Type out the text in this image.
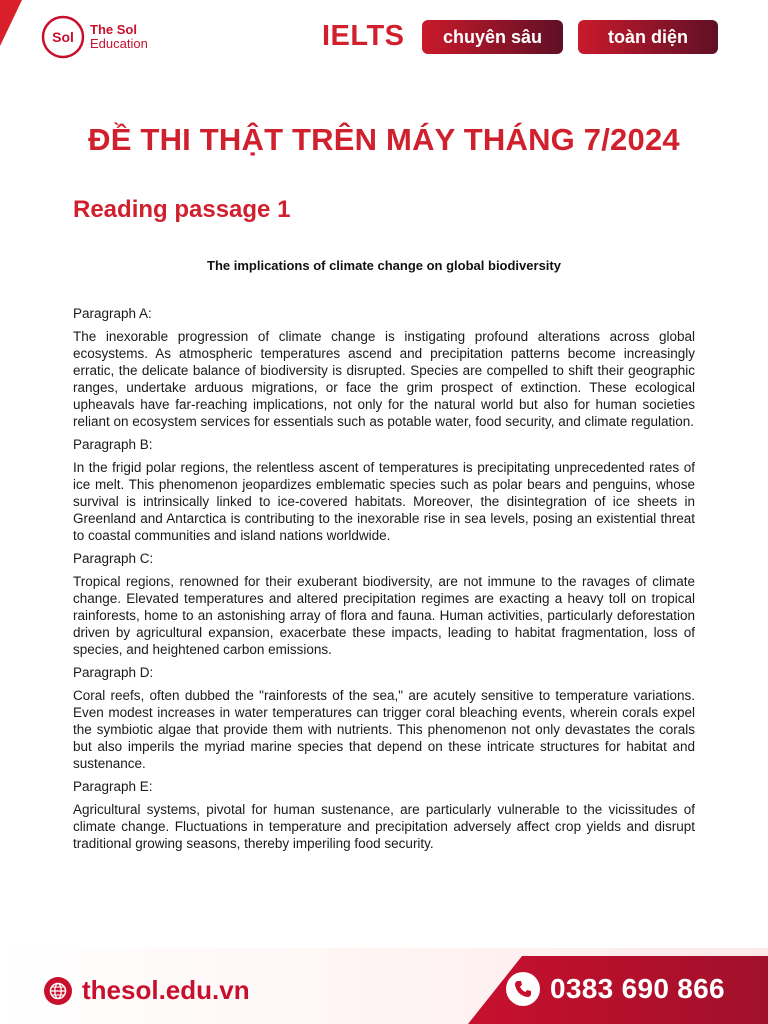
Sol The Sol
Education	IELTS	chuyên sâu	toàn diện
ĐỀ THI THẬT TRÊN MÁY THÁNG 7/2024
Reading passage 1
The implications of climate change on global biodiversity

Paragraph A:

The inexorable progression of climate change is instigating profound alterations across global ecosystems. As atmospheric temperatures ascend and precipitation patterns become increasingly erratic, the delicate balance of biodiversity is disrupted. Species are compelled to shift their geographic ranges, undertake arduous migrations, or face the grim prospect of extinction. These ecological upheavals have far-reaching implications, not only for the natural world but also for human societies reliant on ecosystem services for essentials such as potable water, food security, and climate regulation.

Paragraph B:

In the frigid polar regions, the relentless ascent of temperatures is precipitating unprecedented rates of ice melt. This phenomenon jeopardizes emblematic species such as polar bears and penguins, whose survival is intrinsically linked to ice-covered habitats. Moreover, the disintegration of ice sheets in Greenland and Antarctica is contributing to the inexorable rise in sea levels, posing an existential threat to coastal communities and island nations worldwide.

Paragraph C:

Tropical regions, renowned for their exuberant biodiversity, are not immune to the ravages of climate change. Elevated temperatures and altered precipitation regimes are exacting a heavy toll on tropical rainforests, home to an astonishing array of flora and fauna. Human activities, particularly deforestation driven by agricultural expansion, exacerbate these impacts, leading to habitat fragmentation, loss of species, and heightened carbon emissions.

Paragraph D:

Coral reefs, often dubbed the "rainforests of the sea," are acutely sensitive to temperature variations. Even modest increases in water temperatures can trigger coral bleaching events, wherein corals expel the symbiotic algae that provide them with nutrients. This phenomenon not only devastates the corals but also imperils the myriad marine species that depend on these intricate structures for habitat and sustenance.

Paragraph E:

Agricultural systems, pivotal for human sustenance, are particularly vulnerable to the vicissitudes of climate change. Fluctuations in temperature and precipitation adversely affect crop yields and disrupt traditional growing seasons, thereby imperiling food security.

thesol.edu.vn	0383 690 866
